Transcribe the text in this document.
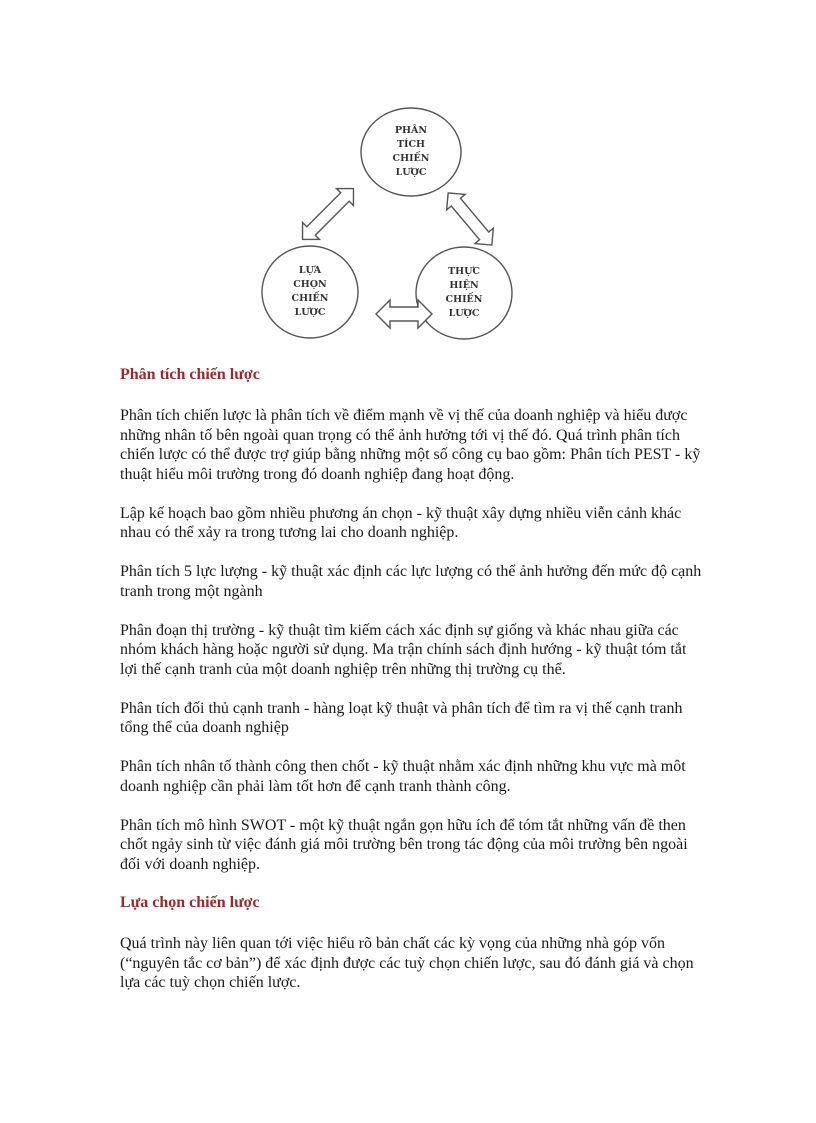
PHÂN
TÍCH
CHIẾN
LƯỢC
LỰA
CHỌN
CHIẾN
LƯỢC
THỰC
HIỆN
CHIẾN
LƯỢC
Phân tích chiến lược

Phân tích chiến lược là phân tích về điểm mạnh về vị thế của doanh nghiệp và hiểu được những nhân tố bên ngoài quan trọng có thể ảnh hưởng tới vị thế đó. Quá trình phân tích chiến lược có thể được trợ giúp bằng những một số công cụ bao gồm: Phân tích PEST - kỹ thuật hiểu môi trường trong đó doanh nghiệp đang hoạt động.

Lập kế hoạch bao gồm nhiều phương án chọn - kỹ thuật xây dựng nhiều viễn cảnh khác nhau có thể xảy ra trong tương lai cho doanh nghiệp.

Phân tích 5 lực lượng - kỹ thuật xác định các lực lượng có thể ảnh hưởng đến mức độ cạnh tranh trong một ngành

Phân đoạn thị trường - kỹ thuật tìm kiếm cách xác định sự giống và khác nhau giữa các nhóm khách hàng hoặc người sử dụng. Ma trận chính sách định hướng - kỹ thuật tóm tắt lợi thế cạnh tranh của một doanh nghiệp trên những thị trường cụ thể.

Phân tích đối thủ cạnh tranh - hàng loạt kỹ thuật và phân tích để tìm ra vị thế cạnh tranh tổng thể của doanh nghiệp

Phân tích nhân tố thành công then chốt - kỹ thuật nhằm xác định những khu vực mà môt doanh nghiệp cần phải làm tốt hơn để cạnh tranh thành công.

Phân tích mô hình SWOT - một kỹ thuật ngắn gọn hữu ích để tóm tắt những vấn đề then chốt ngảy sinh từ việc đánh giá môi trường bên trong tác động của môi trường bên ngoài đối với doanh nghiệp.

Lựa chọn chiến lược

Quá trình này liên quan tới việc hiểu rõ bản chất các kỳ vọng của những nhà góp vốn (“nguyên tắc cơ bản”) để xác định được các tuỳ chọn chiến lược, sau đó đánh giá và chọn lựa các tuỳ chọn chiến lược.
